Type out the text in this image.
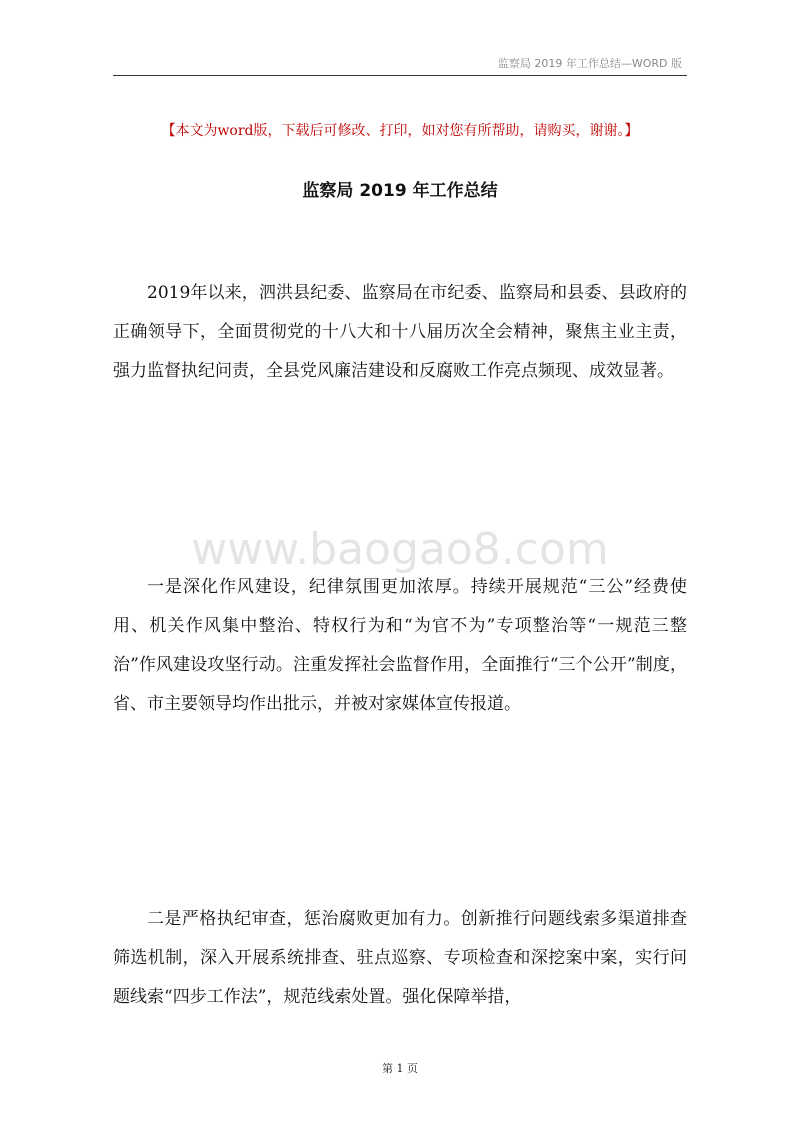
监察局 2019 年工作总结—WORD 版
【本文为word版，下载后可修改、打印，如对您有所帮助，请购买，谢谢。】
监察局 2019 年工作总结

2019年以来，泗洪县纪委、监察局在市纪委、监察局和县委、县政府的正确领导下，全面贯彻党的十八大和十八届历次全会精神，聚焦主业主责，强力监督执纪问责，全县党风廉洁建设和反腐败工作亮点频现、成效显著。

www.baogao8.com

一是深化作风建设，纪律氛围更加浓厚。持续开展规范“三公”经费使用、机关作风集中整治、特权行为和“为官不为”专项整治等“一规范三整治”作风建设攻坚行动。注重发挥社会监督作用，全面推行“三个公开”制度，省、市主要领导均作出批示，并被对家媒体宣传报道。

二是严格执纪审查，惩治腐败更加有力。创新推行问题线索多渠道排查筛选机制，深入开展系统排查、驻点巡察、专项检查和深挖案中案，实行问题线索“四步工作法”，规范线索处置。强化保障举措，

第 1 页
